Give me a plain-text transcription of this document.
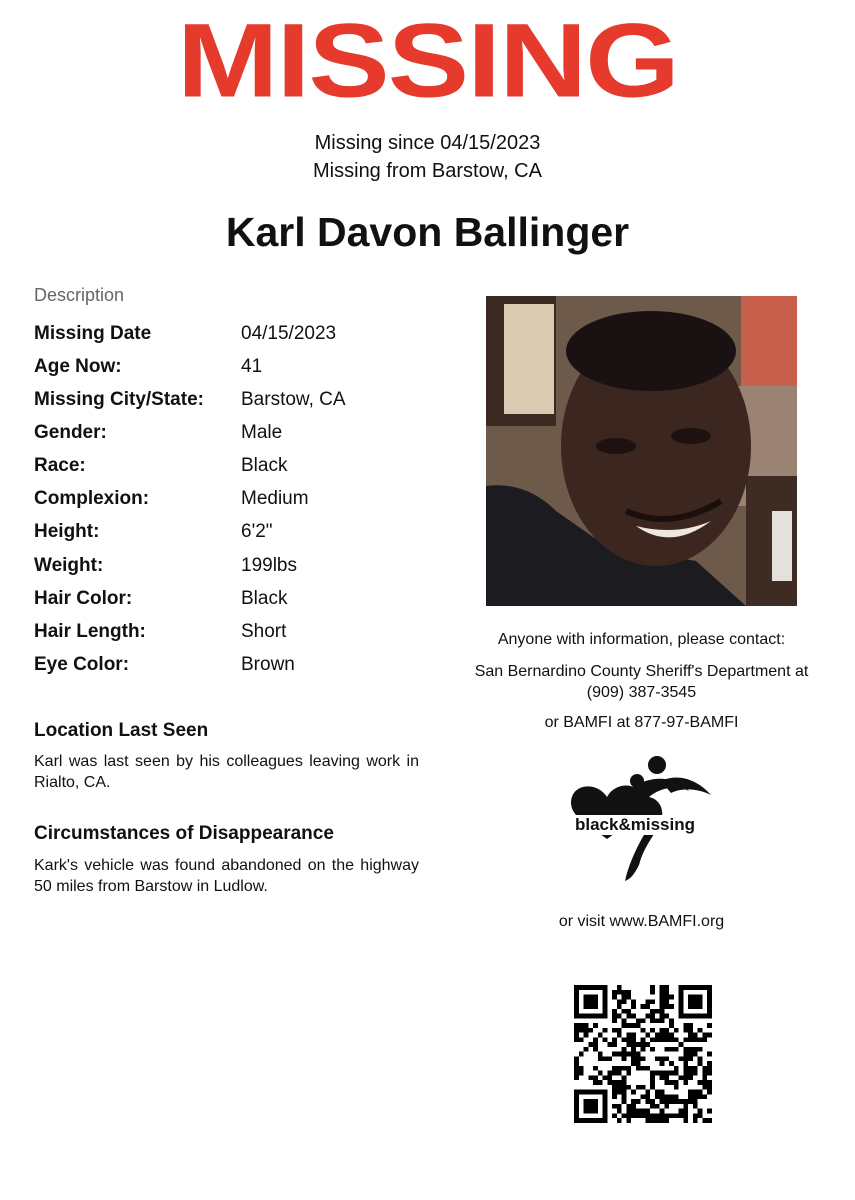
MISSING
Missing since 04/15/2023
Missing from Barstow, CA
Karl Davon Ballinger
Description
Missing Date	04/15/2023
Age Now:	41
Missing City/State: Barstow, CA
Gender:	Male
Race:	Black
Complexion:	Medium
Height:	6'2"
Weight:	199lbs
Hair Color:	Black
Hair Length:	Short
Eye Color:	Brown
Location Last Seen
Karl was last seen by his colleagues leaving work in Rialto, CA.
Circumstances of Disappearance
Kark's vehicle was found abandoned on the highway 50 miles from Barstow in Ludlow.
Anyone with information, please contact:
San Bernardino County Sheriff's Department at
(909) 387-3545
or BAMFI at 877-97-BAMFI
black&missing
or visit www.BAMFI.org
